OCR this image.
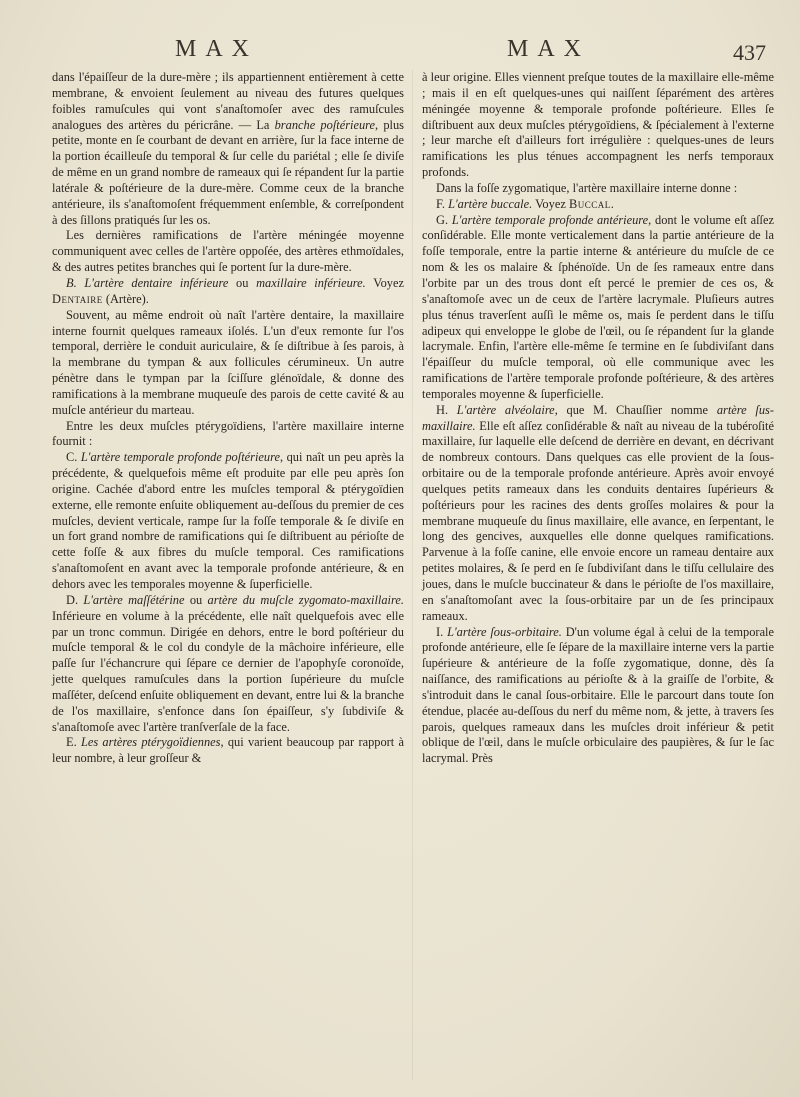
MAX	MAX	437

dans l'épaiſſeur de la dure-mère ; ils appartiennent entièrement à cette membrane, & envoient ſeulement au niveau des futures quelques foibles ramuſcules qui vont s'anaſtomoſer avec des ramuſcules analogues des artères du péricrâne. — La branche poſtérieure, plus petite, monte en ſe courbant de devant en arrière, ſur la face interne de la portion écailleuſe du temporal & ſur celle du pariétal ; elle ſe diviſe de même en un grand nombre de rameaux qui ſe répandent ſur la partie latérale & poſtérieure de la dure-mère. Comme ceux de la branche antérieure, ils s'anaſtomoſent fréquemment enſemble, & correſpondent à des ſillons pratiqués ſur les os.

Les dernières ramifications de l'artère méningée moyenne communiquent avec celles de l'artère oppoſée, des artères ethmoïdales, & des autres petites branches qui ſe portent ſur la dure-mère.

B. L'artère dentaire inférieure ou maxillaire inférieure. Voyez Dentaire (Artère).

Souvent, au même endroit où naît l'artère dentaire, la maxillaire interne fournit quelques rameaux iſolés. L'un d'eux remonte ſur l'os temporal, derrière le conduit auriculaire, & ſe diſtribue à ſes parois, à la membrane du tympan & aux follicules cérumineux. Un autre pénètre dans le tympan par la ſciſſure glénoïdale, & donne des ramifications à la membrane muqueuſe des parois de cette cavité & au muſcle antérieur du marteau.

Entre les deux muſcles ptérygoïdiens, l'artère maxillaire interne fournit :

C. L'artère temporale profonde poſtérieure, qui naît un peu après la précédente, & quelquefois même eſt produite par elle peu après ſon origine. Cachée d'abord entre les muſcles temporal & ptérygoïdien externe, elle remonte enſuite obliquement au-deſſous du premier de ces muſcles, devient verticale, rampe ſur la foſſe temporale & ſe diviſe en un fort grand nombre de ramifications qui ſe diſtribuent au périoſte de cette foſſe & aux fibres du muſcle temporal. Ces ramifications s'anaſtomoſent en avant avec la temporale profonde antérieure, & en dehors avec les temporales moyenne & ſuperficielle.

D. L'artère maſſétérine ou artère du muſcle zygomato-maxillaire. Inférieure en volume à la précédente, elle naît quelquefois avec elle par un tronc commun. Dirigée en dehors, entre le bord poſtérieur du muſcle temporal & le col du condyle de la mâchoire inférieure, elle paſſe ſur l'échancrure qui ſépare ce dernier de l'apophyſe coronoïde, jette quelques ramuſcules dans la portion ſupérieure du muſcle maſſéter, deſcend enſuite obliquement en devant, entre lui & la branche de l'os maxillaire, s'enfonce dans ſon épaiſſeur, s'y ſubdiviſe & s'anaſtomoſe avec l'artère tranſverſale de la face.

E. Les artères ptérygoïdiennes, qui varient beaucoup par rapport à leur nombre, à leur groſſeur &

à leur origine. Elles viennent preſque toutes de la maxillaire elle-même ; mais il en eſt quelques-unes qui naiſſent ſéparément des artères méningée moyenne & temporale profonde poſtérieure. Elles ſe diſtribuent aux deux muſcles ptérygoïdiens, & ſpécialement à l'externe ; leur marche eſt d'ailleurs fort irrégulière : quelques-unes de leurs ramifications les plus ténues accompagnent les nerfs temporaux profonds.

Dans la foſſe zygomatique, l'artère maxillaire interne donne :

F. L'artère buccale. Voyez Buccal.

G. L'artère temporale profonde antérieure, dont le volume eſt aſſez conſidérable. Elle monte verticalement dans la partie antérieure de la foſſe temporale, entre la partie interne & antérieure du muſcle de ce nom & les os malaire & ſphénoïde. Un de ſes rameaux entre dans l'orbite par un des trous dont eſt percé le premier de ces os, & s'anaſtomoſe avec un de ceux de l'artère lacrymale. Pluſieurs autres plus ténus traverſent auſſi le même os, mais ſe perdent dans le tiſſu adipeux qui enveloppe le globe de l'œil, ou ſe répandent ſur la glande lacrymale. Enfin, l'artère elle-même ſe termine en ſe ſubdiviſant dans l'épaiſſeur du muſcle temporal, où elle communique avec les ramifications de l'artère temporale profonde poſtérieure, & des artères temporales moyenne & ſuperficielle.

H. L'artère alvéolaire, que M. Chauſſier nomme artère ſus-maxillaire. Elle eſt aſſez conſidérable & naît au niveau de la tubéroſité maxillaire, ſur laquelle elle deſcend de derrière en devant, en décrivant de nombreux contours. Dans quelques cas elle provient de la ſous-orbitaire ou de la temporale profonde antérieure. Après avoir envoyé quelques petits rameaux dans les conduits dentaires ſupérieurs & poſtérieurs pour les racines des dents groſſes molaires & pour la membrane muqueuſe du ſinus maxillaire, elle avance, en ſerpentant, le long des gencives, auxquelles elle donne quelques ramifications. Parvenue à la foſſe canine, elle envoie encore un rameau dentaire aux petites molaires, & ſe perd en ſe ſubdiviſant dans le tiſſu cellulaire des joues, dans le muſcle buccinateur & dans le périoſte de l'os maxillaire, en s'anaſtomoſant avec la ſous-orbitaire par un de ſes principaux rameaux.

I. L'artère ſous-orbitaire. D'un volume égal à celui de la temporale profonde antérieure, elle ſe ſépare de la maxillaire interne vers la partie ſupérieure & antérieure de la foſſe zygomatique, donne, dès ſa naiſſance, des ramifications au périoſte & à la graiſſe de l'orbite, & s'introduit dans le canal ſous-orbitaire. Elle le parcourt dans toute ſon étendue, placée au-deſſous du nerf du même nom, & jette, à travers ſes parois, quelques rameaux dans les muſcles droit inférieur & petit oblique de l'œil, dans le muſcle orbiculaire des paupières, & ſur le ſac lacrymal. Près
